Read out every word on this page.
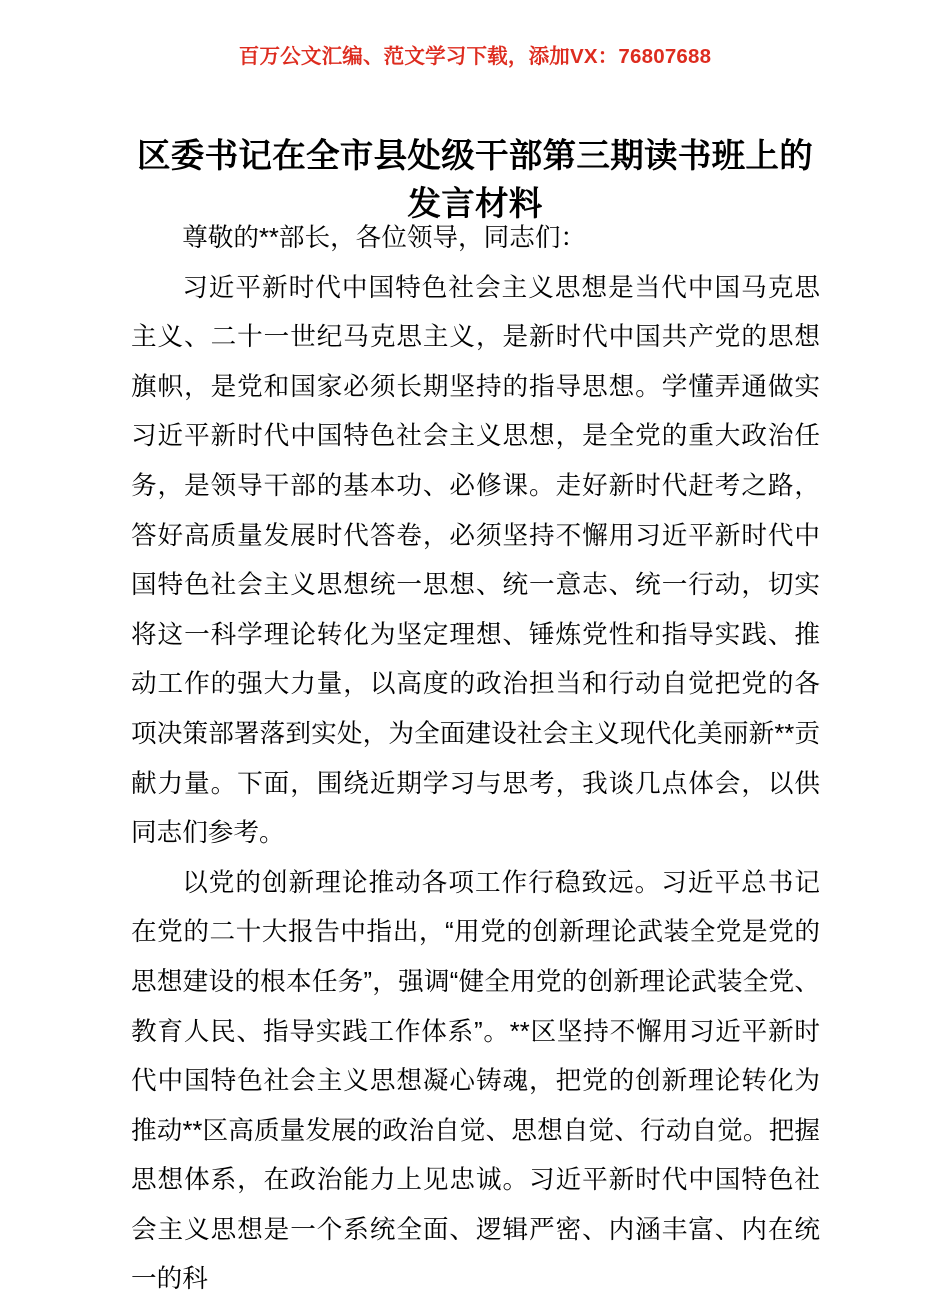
百万公文汇编、范文学习下载，添加VX：76807688
区委书记在全市县处级干部第三期读书班上的发言材料

尊敬的**部长，各位领导，同志们：

习近平新时代中国特色社会主义思想是当代中国马克思主义、二十一世纪马克思主义，是新时代中国共产党的思想旗帜，是党和国家必须长期坚持的指导思想。学懂弄通做实习近平新时代中国特色社会主义思想，是全党的重大政治任务，是领导干部的基本功、必修课。走好新时代赶考之路，答好高质量发展时代答卷，必须坚持不懈用习近平新时代中国特色社会主义思想统一思想、统一意志、统一行动，切实将这一科学理论转化为坚定理想、锤炼党性和指导实践、推动工作的强大力量，以高度的政治担当和行动自觉把党的各项决策部署落到实处，为全面建设社会主义现代化美丽新**贡献力量。下面，围绕近期学习与思考，我谈几点体会，以供同志们参考。

以党的创新理论推动各项工作行稳致远。习近平总书记在党的二十大报告中指出，“用党的创新理论武装全党是党的思想建设的根本任务”，强调“健全用党的创新理论武装全党、教育人民、指导实践工作体系”。**区坚持不懈用习近平新时代中国特色社会主义思想凝心铸魂，把党的创新理论转化为推动**区高质量发展的政治自觉、思想自觉、行动自觉。把握思想体系，在政治能力上见忠诚。习近平新时代中国特色社会主义思想是一个系统全面、逻辑严密、内涵丰富、内在统一的科
